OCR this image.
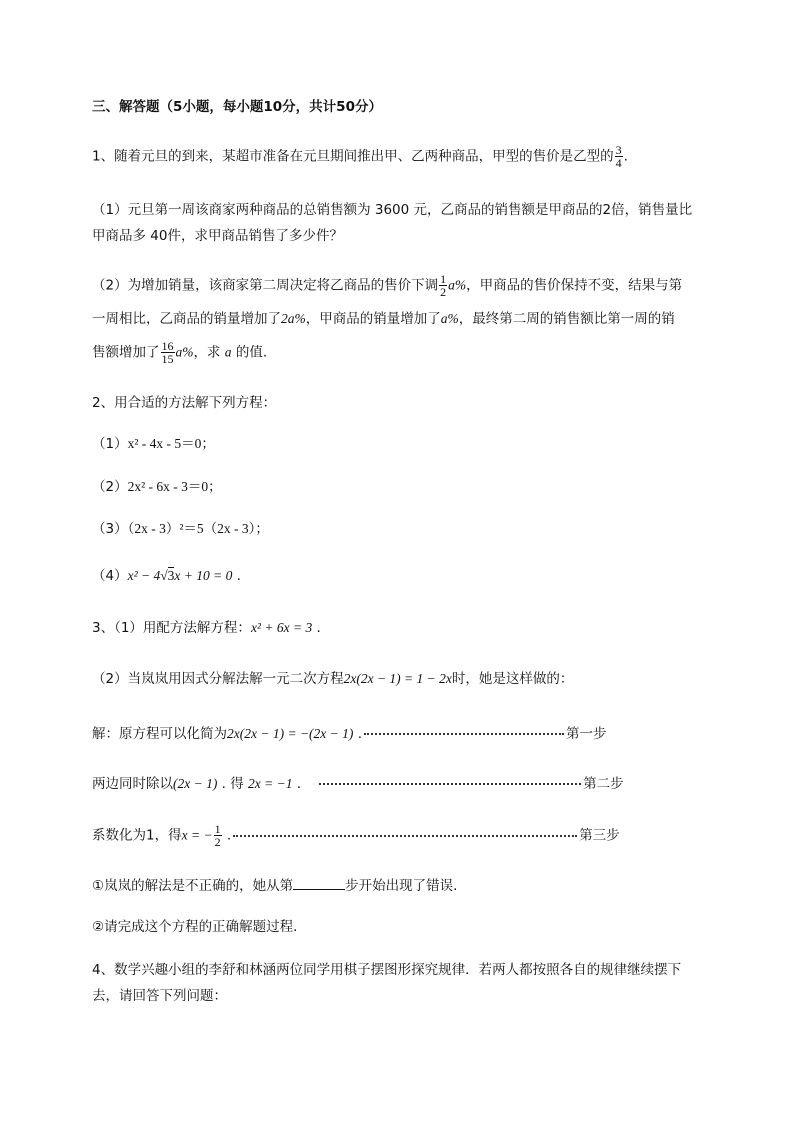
三、解答题（5小题，每小题10分，共计50分）
1、随着元旦的到来，某超市准备在元旦期间推出甲、乙两种商品，甲型的售价是乙型的 $\frac{3}{4}$ .
（1）元旦第一周该商家两种商品的总销售额为 3600 元，乙商品的销售额是甲商品的2倍，销售量比
甲商品多 40件，求甲商品销售了多少件？
（2）为增加销量，该商家第二周决定将乙商品的售价下调 $\frac{1}{2} a\%$，甲商品的售价保持不变，结果与第
一周相比，乙商品的销量增加了2a%，甲商品的销量增加了a%，最终第二周的销售额比第一周的销
售额增加了 $\frac{16}{15} a\%$，求 a 的值.
2、用合适的方法解下列方程：
（1）x² - 4x - 5＝0；
（2）2x² - 6x - 3＝0；
（3）（2x - 3）²＝5（2x - 3）；
（4）x² − 4√3x + 10 = 0 .
3、（1）用配方法解方程：x² + 6x = 3 .
（2）当岚岚用因式分解法解一元二次方程2x(2x − 1) = 1 − 2x时，她是这样做的：
解：原方程可以化简为2x(2x − 1) = −(2x − 1) .	第一步
两边同时除以(2x − 1) . 得 2x = −1 .	第二步
系数化为1，得x = − $\frac{1}{2}$ .	第三步
①岚岚的解法是不正确的，她从第	步开始出现了错误.
②请完成这个方程的正确解题过程.
4、数学兴趣小组的李舒和林涵两位同学用棋子摆图形探究规律．若两人都按照各自的规律继续摆下
去，请回答下列问题：
